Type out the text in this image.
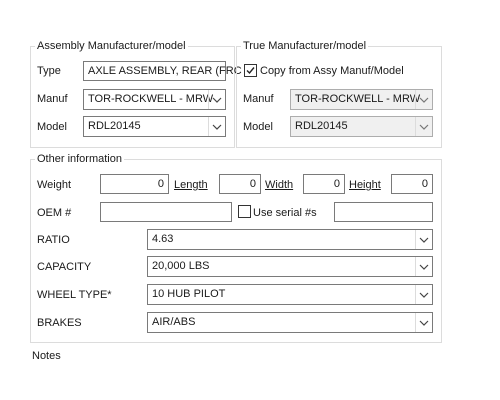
Assembly Manufacturer/model
Type	AXLE ASSEMBLY, REAR (FRC
Manuf TOR-ROCKWELL - MRW
Model RDL20145
True Manufacturer/model
Copy from Assy Manuf/Model
Manuf TOR-ROCKWELL - MRW
Model RDL20145
Other information
Weight	0 Length	0 Width	0 Height	0
OEM #	Use serial #s
RATIO	4.63
CAPACITY	20,000 LBS
WHEEL TYPE*	10 HUB PILOT
BRAKES	AIR/ABS
Notes
